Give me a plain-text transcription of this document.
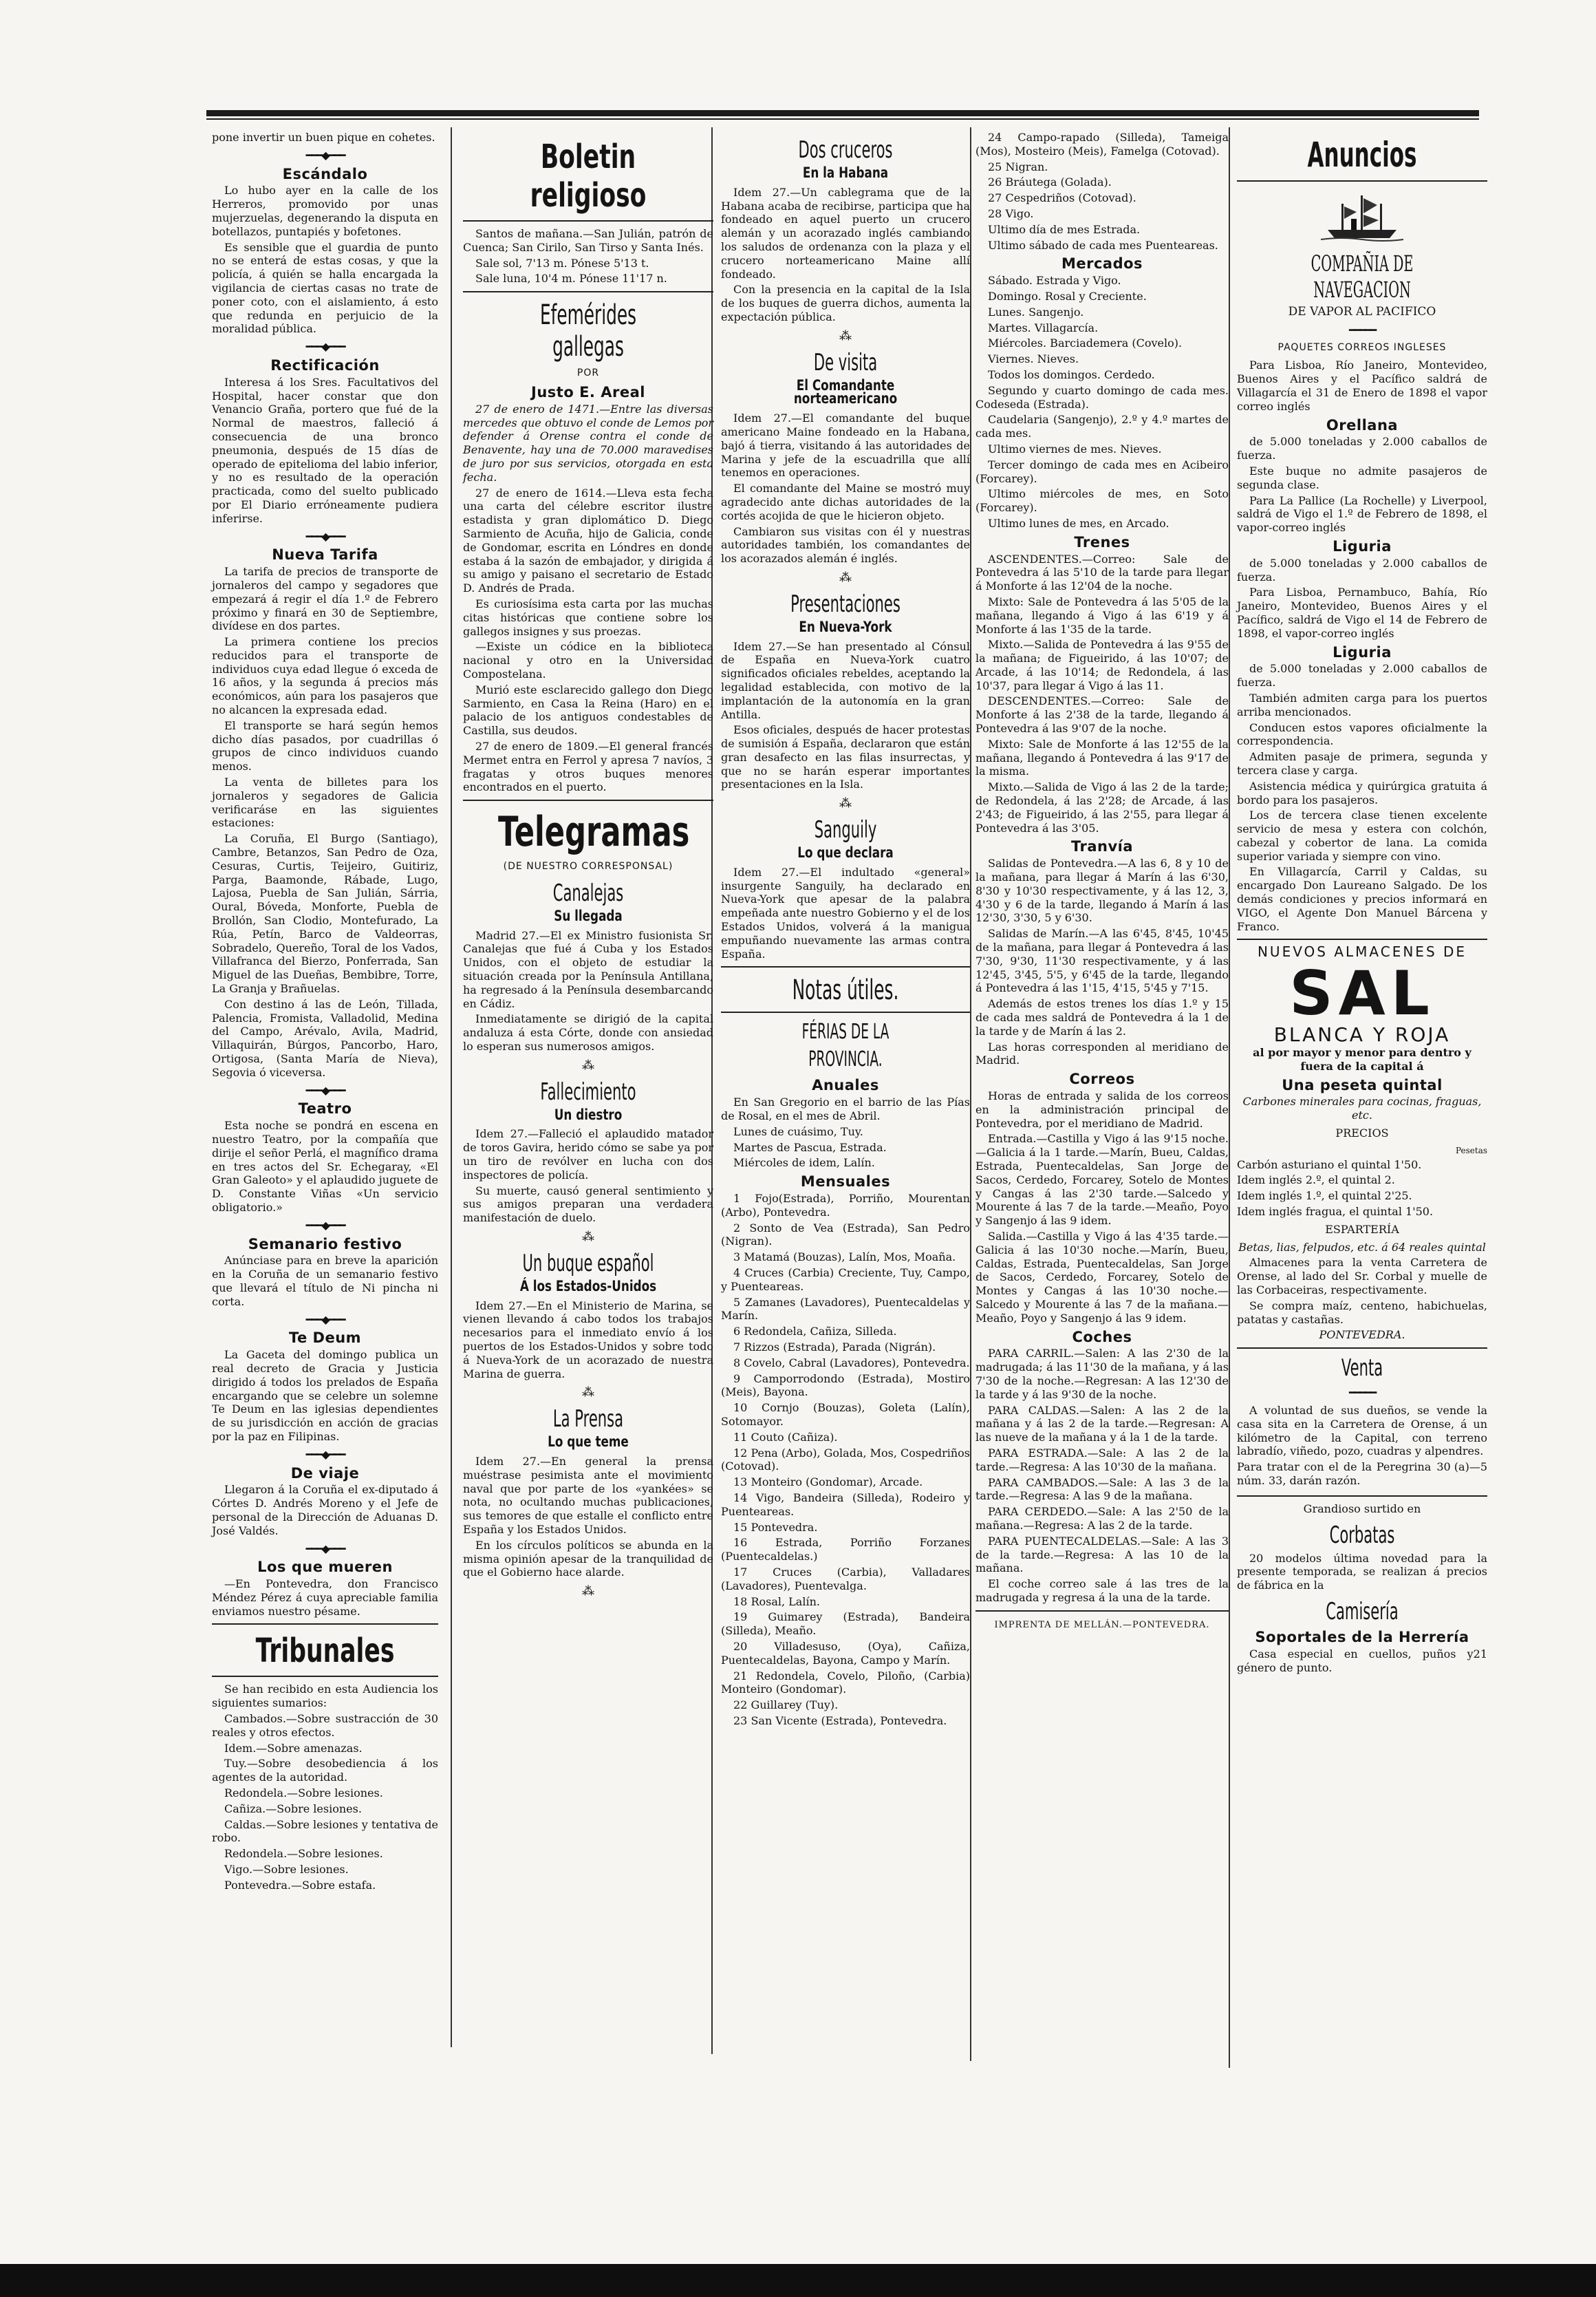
pone invertir un buen pique en cohetes.

━━━◆━━━
Escándalo

Lo hubo ayer en la calle de los Herreros, promovido por unas mujerzuelas, degenerando la disputa en botellazos, puntapiés y bofetones.

Es sensible que el guardia de punto no se enterá de estas cosas, y que la policía, á quién se halla encargada la vigilancia de ciertas casas no trate de poner coto, con el aislamiento, á esto que redunda en perjuicio de la moralidad pública.

━━━◆━━━
Rectificación

Interesa á los Sres. Facultativos del Hospital, hacer constar que don Venancio Graña, portero que fué de la Normal de maestros, falleció á consecuencia de una bronco pneumonia, después de 15 días de operado de epitelioma del labio inferior, y no es resultado de la operación practicada, como del suelto publicado por El Diario erróneamente pudiera inferirse.

━━━◆━━━
Nueva Tarifa

La tarifa de precios de transporte de jornaleros del campo y segadores que empezará á regir el día 1.º de Febrero próximo y finará en 30 de Septiembre, divídese en dos partes.

La primera contiene los precios reducidos para el transporte de individuos cuya edad llegue ó exceda de 16 años, y la segunda á precios más económicos, aún para los pasajeros que no alcancen la expresada edad.

El transporte se hará según hemos dicho días pasados, por cuadrillas ó grupos de cinco individuos cuando menos.

La venta de billetes para los jornaleros y segadores de Galicia verificaráse en las siguientes estaciones:

La Coruña, El Burgo (Santiago), Cambre, Betanzos, San Pedro de Oza, Cesuras, Curtis, Teijeiro, Guitiriz, Parga, Baamonde, Rábade, Lugo, Lajosa, Puebla de San Julián, Sárria, Oural, Bóveda, Monforte, Puebla de Brollón, San Clodio, Montefurado, La Rúa, Petín, Barco de Valdeorras, Sobradelo, Quereño, Toral de los Vados, Villafranca del Bierzo, Ponferrada, San Miguel de las Dueñas, Bembibre, Torre, La Granja y Brañuelas.

Con destino á las de León, Tillada, Palencia, Fromista, Valladolid, Medina del Campo, Arévalo, Avila, Madrid, Villaquirán, Búrgos, Pancorbo, Haro, Ortigosa, (Santa María de Nieva), Segovia ó viceversa.

━━━◆━━━
Teatro

Esta noche se pondrá en escena en nuestro Teatro, por la compañía que dirije el señor Perlá, el magnífico drama en tres actos del Sr. Echegaray, «El Gran Galeoto» y el aplaudido juguete de D. Constante Viñas «Un servicio obligatorio.»

━━━◆━━━
Semanario festivo

Anúnciase para en breve la aparición en la Coruña de un semanario festivo que llevará el título de Ni pincha ni corta.

━━━◆━━━
Te Deum

La Gaceta del domingo publica un real decreto de Gracia y Justicia dirigido á todos los prelados de España encargando que se celebre un solemne Te Deum en las iglesias dependientes de su jurisdicción en acción de gracias por la paz en Filipinas.

━━━◆━━━
De viaje

Llegaron á la Coruña el ex-diputado á Córtes D. Andrés Moreno y el Jefe de personal de la Dirección de Aduanas D. José Valdés.

━━━◆━━━
Los que mueren

—En Pontevedra, don Francisco Méndez Pérez á cuya apreciable familia enviamos nuestro pésame.

Tribunales

Se han recibido en esta Audiencia los siguientes sumarios:

Cambados.—Sobre sustracción de 30 reales y otros efectos.

Idem.—Sobre amenazas.

Tuy.—Sobre desobediencia á los agentes de la autoridad.

Redondela.—Sobre lesiones.

Cañiza.—Sobre lesiones.

Caldas.—Sobre lesiones y tentativa de robo.

Redondela.—Sobre lesiones.

Vigo.—Sobre lesiones.

Pontevedra.—Sobre estafa.

Boletin religioso

Santos de mañana.—San Julián, patrón de Cuenca; San Cirilo, San Tirso y Santa Inés.

Sale sol, 7'13 m. Pónese 5'13 t.

Sale luna, 10'4 m. Pónese 11'17 n.

Efemérides gallegas
POR
Justo E. Areal

27 de enero de 1471.—Entre las diversas mercedes que obtuvo el conde de Lemos por defender á Orense contra el conde de Benavente, hay una de 70.000 maravedises de juro por sus servicios, otorgada en esta fecha.

27 de enero de 1614.—Lleva esta fecha una carta del célebre escritor ilustre estadista y gran diplomático D. Diego Sarmiento de Acuña, hijo de Galicia, conde de Gondomar, escrita en Lóndres en donde estaba á la sazón de embajador, y dirigida á su amigo y paisano el secretario de Estado D. Andrés de Prada.

Es curiosísima esta carta por las muchas citas históricas que contiene sobre los gallegos insignes y sus proezas.

—Existe un códice en la biblioteca nacional y otro en la Universidad Compostelana.

Murió este esclarecido gallego don Diego Sarmiento, en Casa la Reina (Haro) en el palacio de los antiguos condestables de Castilla, sus deudos.

27 de enero de 1809.—El general francés Mermet entra en Ferrol y apresa 7 navíos, 3 fragatas y otros buques menores encontrados en el puerto.

Telegramas
(DE NUESTRO CORRESPONSAL)
Canalejas
Su llegada

Madrid 27.—El ex Ministro fusionista Sr. Canalejas que fué á Cuba y los Estados Unidos, con el objeto de estudiar la situación creada por la Península Antillana, ha regresado á la Península desembarcando en Cádiz.

Inmediatamente se dirigió de la capital andaluza á esta Córte, donde con ansiedad lo esperan sus numerosos amigos.

⁂
Fallecimiento
Un diestro

Idem 27.—Falleció el aplaudido matador de toros Gavira, herido cómo se sabe ya por un tiro de revólver en lucha con dos inspectores de policía.

Su muerte, causó general sentimiento y sus amigos preparan una verdadera manifestación de duelo.

⁂
Un buque español
Á los Estados-Unidos

Idem 27.—En el Ministerio de Marina, se vienen llevando á cabo todos los trabajos necesarios para el inmediato envío á los puertos de los Estados-Unidos y sobre todo á Nueva-York de un acorazado de nuestra Marina de guerra.

⁂
La Prensa
Lo que teme

Idem 27.—En general la prensa muéstrase pesimista ante el movimiento naval que por parte de los «yankées» se nota, no ocultando muchas publicaciones, sus temores de que estalle el conflicto entre España y los Estados Unidos.

En los círculos políticos se abunda en la misma opinión apesar de la tranquilidad de que el Gobierno hace alarde.

⁂
Dos cruceros
En la Habana

Idem 27.—Un cablegrama que de la Habana acaba de recibirse, participa que ha fondeado en aquel puerto un crucero alemán y un acorazado inglés cambiando los saludos de ordenanza con la plaza y el crucero norteamericano Maine allí fondeado.

Con la presencia en la capital de la Isla de los buques de guerra dichos, aumenta la expectación pública.

⁂
De visita
El Comandante nortеamericano

Idem 27.—El comandante del buque americano Maine fondeado en la Habana, bajó á tierra, visitando á las autoridades de Marina y jefe de la escuadrilla que allí tenemos en operaciones.

El comandante del Maine se mostró muy agradecido ante dichas autoridades de la cortés acojida de que le hicieron objeto.

Cambiaron sus visitas con él y nuestras autoridades también, los comandantes de los acorazados alemán é inglés.

⁂
Presentaciones
En Nueva-York

Idem 27.—Se han presentado al Cónsul de España en Nueva-York cuatro significados oficiales rebeldes, aceptando la legalidad establecida, con motivo de la implantación de la autonomía en la gran Antilla.

Esos oficiales, después de hacer protestas de sumisión á España, declararon que están gran desafecto en las filas insurrectas, y que no se harán esperar importantes presentaciones en la Isla.

⁂
Sanguily
Lo que declara

Idem 27.—El indultado «general» insurgente Sanguily, ha declarado en Nueva-York que apesar de la palabra empeñada ante nuestro Gobierno y el de los Estados Unidos, volverá á la manigua empuñando nuevamente las armas contra España.

Notas útiles.
FÉRIAS DE LA PROVINCIA.
Anuales

En San Gregorio en el barrio de las Pías de Rosal, en el mes de Abril.

Lunes de cuásimo, Tuy.

Martes de Pascua, Estrada.

Miércoles de idem, Lalín.

Mensuales

1 Fojo(Estrada), Porriño, Mourentan (Arbo), Pontevedra.

2 Sonto de Vea (Estrada), San Pedro (Nigran).

3 Matamá (Bouzas), Lalín, Mos, Moaña.

4 Cruces (Carbia) Creciente, Tuy, Campo, y Puenteareas.

5 Zamanes (Lavadores), Puentecaldelas y Marín.

6 Redondela, Cañiza, Silleda.

7 Rizzos (Estrada), Parada (Nigrán).

8 Covelo, Cabral (Lavadores), Pontevedra.

9 Camporrodondo (Estrada), Mostiro (Meis), Bayona.

10 Cornjo (Bouzas), Goleta (Lalín), Sotomayor.

11 Couto (Cañiza).

12 Pena (Arbo), Golada, Mos, Cospedriños (Cotovad).

13 Monteiro (Gondomar), Arcade.

14 Vigo, Bandeira (Silleda), Rodeiro y Puenteareas.

15 Pontevedra.

16 Estrada, Porriño Forzanes (Puentecaldelas.)

17 Cruces (Carbia), Valladares (Lavadores), Puentevalga.

18 Rosal, Lalín.

19 Guimarey (Estrada), Bandeira (Silleda), Meaño.

20 Villadesuso, (Oya), Cañiza, Puentecaldelas, Bayona, Campo y Marín.

21 Redondela, Covelo, Piloño, (Carbia) Monteiro (Gondomar).

22 Guillarey (Tuy).

23 San Vicente (Estrada), Pontevedra.

24 Campo-rapado (Silleda), Tameiga (Mos), Mosteiro (Meis), Famelga (Cotovad).

25 Nigran.

26 Bráutega (Golada).

27 Cespedriños (Cotovad).

28 Vigo.

Ultimo día de mes Estrada.

Ultimo sábado de cada mes Puenteareas.

Mercados

Sábado. Estrada y Vigo.

Domingo. Rosal y Creciente.

Lunes. Sangenjo.

Martes. Villagarcía.

Miércoles. Barciademera (Covelo).

Viernes. Nieves.

Todos los domingos. Cerdedo.

Segundo y cuarto domingo de cada mes. Codeseda (Estrada).

Caudelaria (Sangenjo), 2.º y 4.º martes de cada mes.

Ultimo viernes de mes. Nieves.

Tercer domingo de cada mes en Acibeiro (Forcarey).

Ultimo miércoles de mes, en Soto (Forcarey).

Ultimo lunes de mes, en Arcado.

Trenes

ASCENDENTES.—Correo: Sale de Pontevedra á las 5'10 de la tarde para llegar á Monforte á las 12'04 de la noche.

Mixto: Sale de Pontevedra á las 5'05 de la mañana, llegando á Vigo á las 6'19 y á Monforte á las 1'35 de la tarde.

Mixto.—Salida de Pontevedra á las 9'55 de la mañana; de Figueirido, á las 10'07; de Arcade, á las 10'14; de Redondela, á las 10'37, para llegar á Vigo á las 11.

DESCENDENTES.—Correo: Sale de Monforte á las 2'38 de la tarde, llegando á Pontevedra á las 9'07 de la noche.

Mixto: Sale de Monforte á las 12'55 de la mañana, llegando á Pontevedra á las 9'17 de la misma.

Mixto.—Salida de Vigo á las 2 de la tarde; de Redondela, á las 2'28; de Arcade, á las 2'43; de Figueirido, á las 2'55, para llegar á Pontevedra á las 3'05.

Tranvía

Salidas de Pontevedra.—A las 6, 8 y 10 de la mañana, para llegar á Marín á las 6'30, 8'30 y 10'30 respectivamente, y á las 12, 3, 4'30 y 6 de la tarde, llegando á Marín á las 12'30, 3'30, 5 y 6'30.

Salidas de Marín.—A las 6'45, 8'45, 10'45 de la mañana, para llegar á Pontevedra á las 7'30, 9'30, 11'30 respectivamente, y á las 12'45, 3'45, 5'5, y 6'45 de la tarde, llegando á Pontevedra á las 1'15, 4'15, 5'45 y 7'15.

Además de estos trenes los días 1.º y 15 de cada mes saldrá de Pontevedra á la 1 de la tarde y de Marín á las 2.

Las horas corresponden al meridiano de Madrid.

Correos

Horas de entrada y salida de los correos en la administración principal de Pontevedra, por el meridiano de Madrid.

Entrada.—Castilla y Vigo á las 9'15 noche.—Galicia á la 1 tarde.—Marín, Bueu, Caldas, Estrada, Puentecaldelas, San Jorge de Sacos, Cerdedo, Forcarey, Sotelo de Montes y Cangas á las 2'30 tarde.—Salcedo y Mourente á las 7 de la tarde.—Meaño, Poyo y Sangenjo á las 9 idem.

Salida.—Castilla y Vigo á las 4'35 tarde.—Galicia á las 10'30 noche.—Marín, Bueu, Caldas, Estrada, Puentecaldelas, San Jorge de Sacos, Cerdedo, Forcarey, Sotelo de Montes y Cangas á las 10'30 noche.—Salcedo y Mourente á las 7 de la mañana.—Meaño, Poyo y Sangenjo á las 9 idem.

Coches

PARA CARRIL.—Salen: A las 2'30 de la madrugada; á las 11'30 de la mañana, y á las 7'30 de la noche.—Regresan: A las 12'30 de la tarde y á las 9'30 de la noche.

PARA CALDAS.—Salen: A las 2 de la mañana y á las 2 de la tarde.—Regresan: A las nueve de la mañana y á la 1 de la tarde.

PARA ESTRADA.—Sale: A las 2 de la tarde.—Regresa: A las 10'30 de la mañana.

PARA CAMBADOS.—Sale: A las 3 de la tarde.—Regresa: A las 9 de la mañana.

PARA CERDEDO.—Sale: A las 2'50 de la mañana.—Regresa: A las 2 de la tarde.

PARA PUENTECALDELAS.—Sale: A las 3 de la tarde.—Regresa: A las 10 de la mañana.

El coche correo sale á las tres de la madrugada y regresa á la una de la tarde.

IMPRENTA DE MELLÁN.—PONTEVEDRA.
Anuncios
COMPAÑIA DE NAVEGACION
DE VAPOR AL PACIFICO
━━━━━
PAQUETES CORREOS INGLESES

Para Lisboa, Río Janeiro, Montevideo, Buenos Aires y el Pacífico saldrá de Villagarcía el 31 de Enero de 1898 el vapor correo inglés

Orellana

de 5.000 toneladas y 2.000 caballos de fuerza.

Este buque no admite pasajeros de segunda clase.

Para La Pallice (La Rochelle) y Liverpool, saldrá de Vigo el 1.º de Febrero de 1898, el vapor-correo inglés

Liguria

de 5.000 toneladas y 2.000 caballos de fuerza.

Para Lisboa, Pernambuco, Bahía, Río Janeiro, Montevideo, Buenos Aires y el Pacífico, saldrá de Vigo el 14 de Febrero de 1898, el vapor-correo inglés

Liguria

de 5.000 toneladas y 2.000 caballos de fuerza.

También admiten carga para los puertos arriba mencionados.

Conducen estos vapores oficialmente la correspondencia.

Admiten pasaje de primera, segunda y tercera clase y carga.

Asistencia médica y quirúrgica gratuita á bordo para los pasajeros.

Los de tercera clase tienen excelente servicio de mesa y estera con colchón, cabezal y cobertor de lana. La comida superior variada y siempre con vino.

En Villagarcía, Carril y Caldas, su encargado Don Laureano Salgado. De los demás condiciones y precios informará en VIGO, el Agente Don Manuel Bárcena y Franco.

NUEVOS ALMACENES DE
SAL
BLANCA Y ROJA

al por mayor y menor para dentro y fuera de la capital á

Una peseta quintal

Carbones minerales para cocinas, fraguas, etc.

PRECIOS
Pesetas

Carbón asturiano el quintal 1'50.

Idem inglés 2.º, el quintal 2.

Idem inglés 1.º, el quintal 2'25.

Idem inglés fragua, el quintal 1'50.

ESPARTERÍA

Betas, lias, felpudos, etc. á 64 reales quintal

Almacenes para la venta Carretera de Orense, al lado del Sr. Corbal y muelle de las Corbaceiras, respectivamente.

Se compra maíz, centeno, habichuelas, patatas y castañas.

PONTEVEDRA.
Venta
━━━━━

A voluntad de sus dueños, se vende la casa sita en la Carretera de Orense, á un kilómetro de la Capital, con terreno labradío, viñedo, pozo, cuadras y alpendres.

Para tratar con el de la Peregrina núm. 33, darán razón.

30 (a)—5
Grandioso surtido en
Corbatas

20 modelos última novedad para la presente temporada, se realizan á precios de fábrica en la

Camisería
Soportales de la Herrería

Casa especial en cuellos, puños y género de punto.

21
